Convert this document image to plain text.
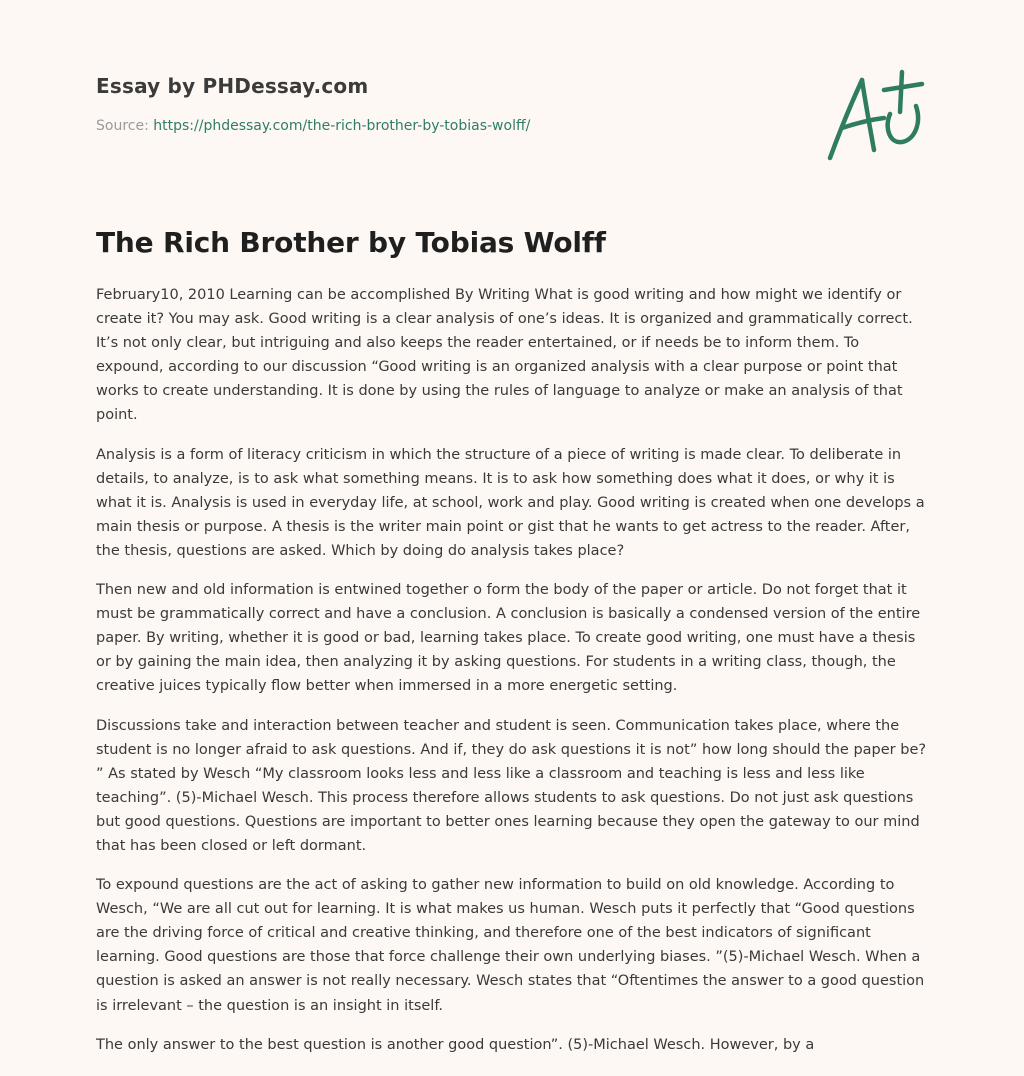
Essay by PHDessay.com
Source: https://phdessay.com/the-rich-brother-by-tobias-wolff/
The Rich Brother by Tobias Wolff

February10, 2010 Learning can be accomplished By Writing What is good writing and how might we identify or create it? You may ask. Good writing is a clear analysis of one’s ideas. It is organized and grammatically correct. It’s not only clear, but intriguing and also keeps the reader entertained, or if needs be to inform them. To expound, according to our discussion “Good writing is an organized analysis with a clear purpose or point that works to create understanding. It is done by using the rules of language to analyze or make an analysis of that point.

Analysis is a form of literacy criticism in which the structure of a piece of writing is made clear. To deliberate in details, to analyze, is to ask what something means. It is to ask how something does what it does, or why it is what it is. Analysis is used in everyday life, at school, work and play. Good writing is created when one develops a main thesis or purpose. A thesis is the writer main point or gist that he wants to get actress to the reader. After, the thesis, questions are asked. Which by doing do analysis takes place?

Then new and old information is entwined together o form the body of the paper or article. Do not forget that it must be grammatically correct and have a conclusion. A conclusion is basically a condensed version of the entire paper. By writing, whether it is good or bad, learning takes place. To create good writing, one must have a thesis or by gaining the main idea, then analyzing it by asking questions. For students in a writing class, though, the creative juices typically flow better when immersed in a more energetic setting.

Discussions take and interaction between teacher and student is seen. Communication takes place, where the student is no longer afraid to ask questions. And if, they do ask questions it is not” how long should the paper be? ” As stated by Wesch “My classroom looks less and less like a classroom and teaching is less and less like teaching”. (5)-Michael Wesch. This process therefore allows students to ask questions. Do not just ask questions but good questions. Questions are important to better ones learning because they open the gateway to our mind that has been closed or left dormant.

To expound questions are the act of asking to gather new information to build on old knowledge. According to Wesch, “We are all cut out for learning. It is what makes us human. Wesch puts it perfectly that “Good questions are the driving force of critical and creative thinking, and therefore one of the best indicators of significant learning. Good questions are those that force challenge their own underlying biases. ”(5)-Michael Wesch. When a question is asked an answer is not really necessary. Wesch states that “Oftentimes the answer to a good question is irrelevant – the question is an insight in itself.

The only answer to the best question is another good question”. (5)-Michael Wesch. However, by a
